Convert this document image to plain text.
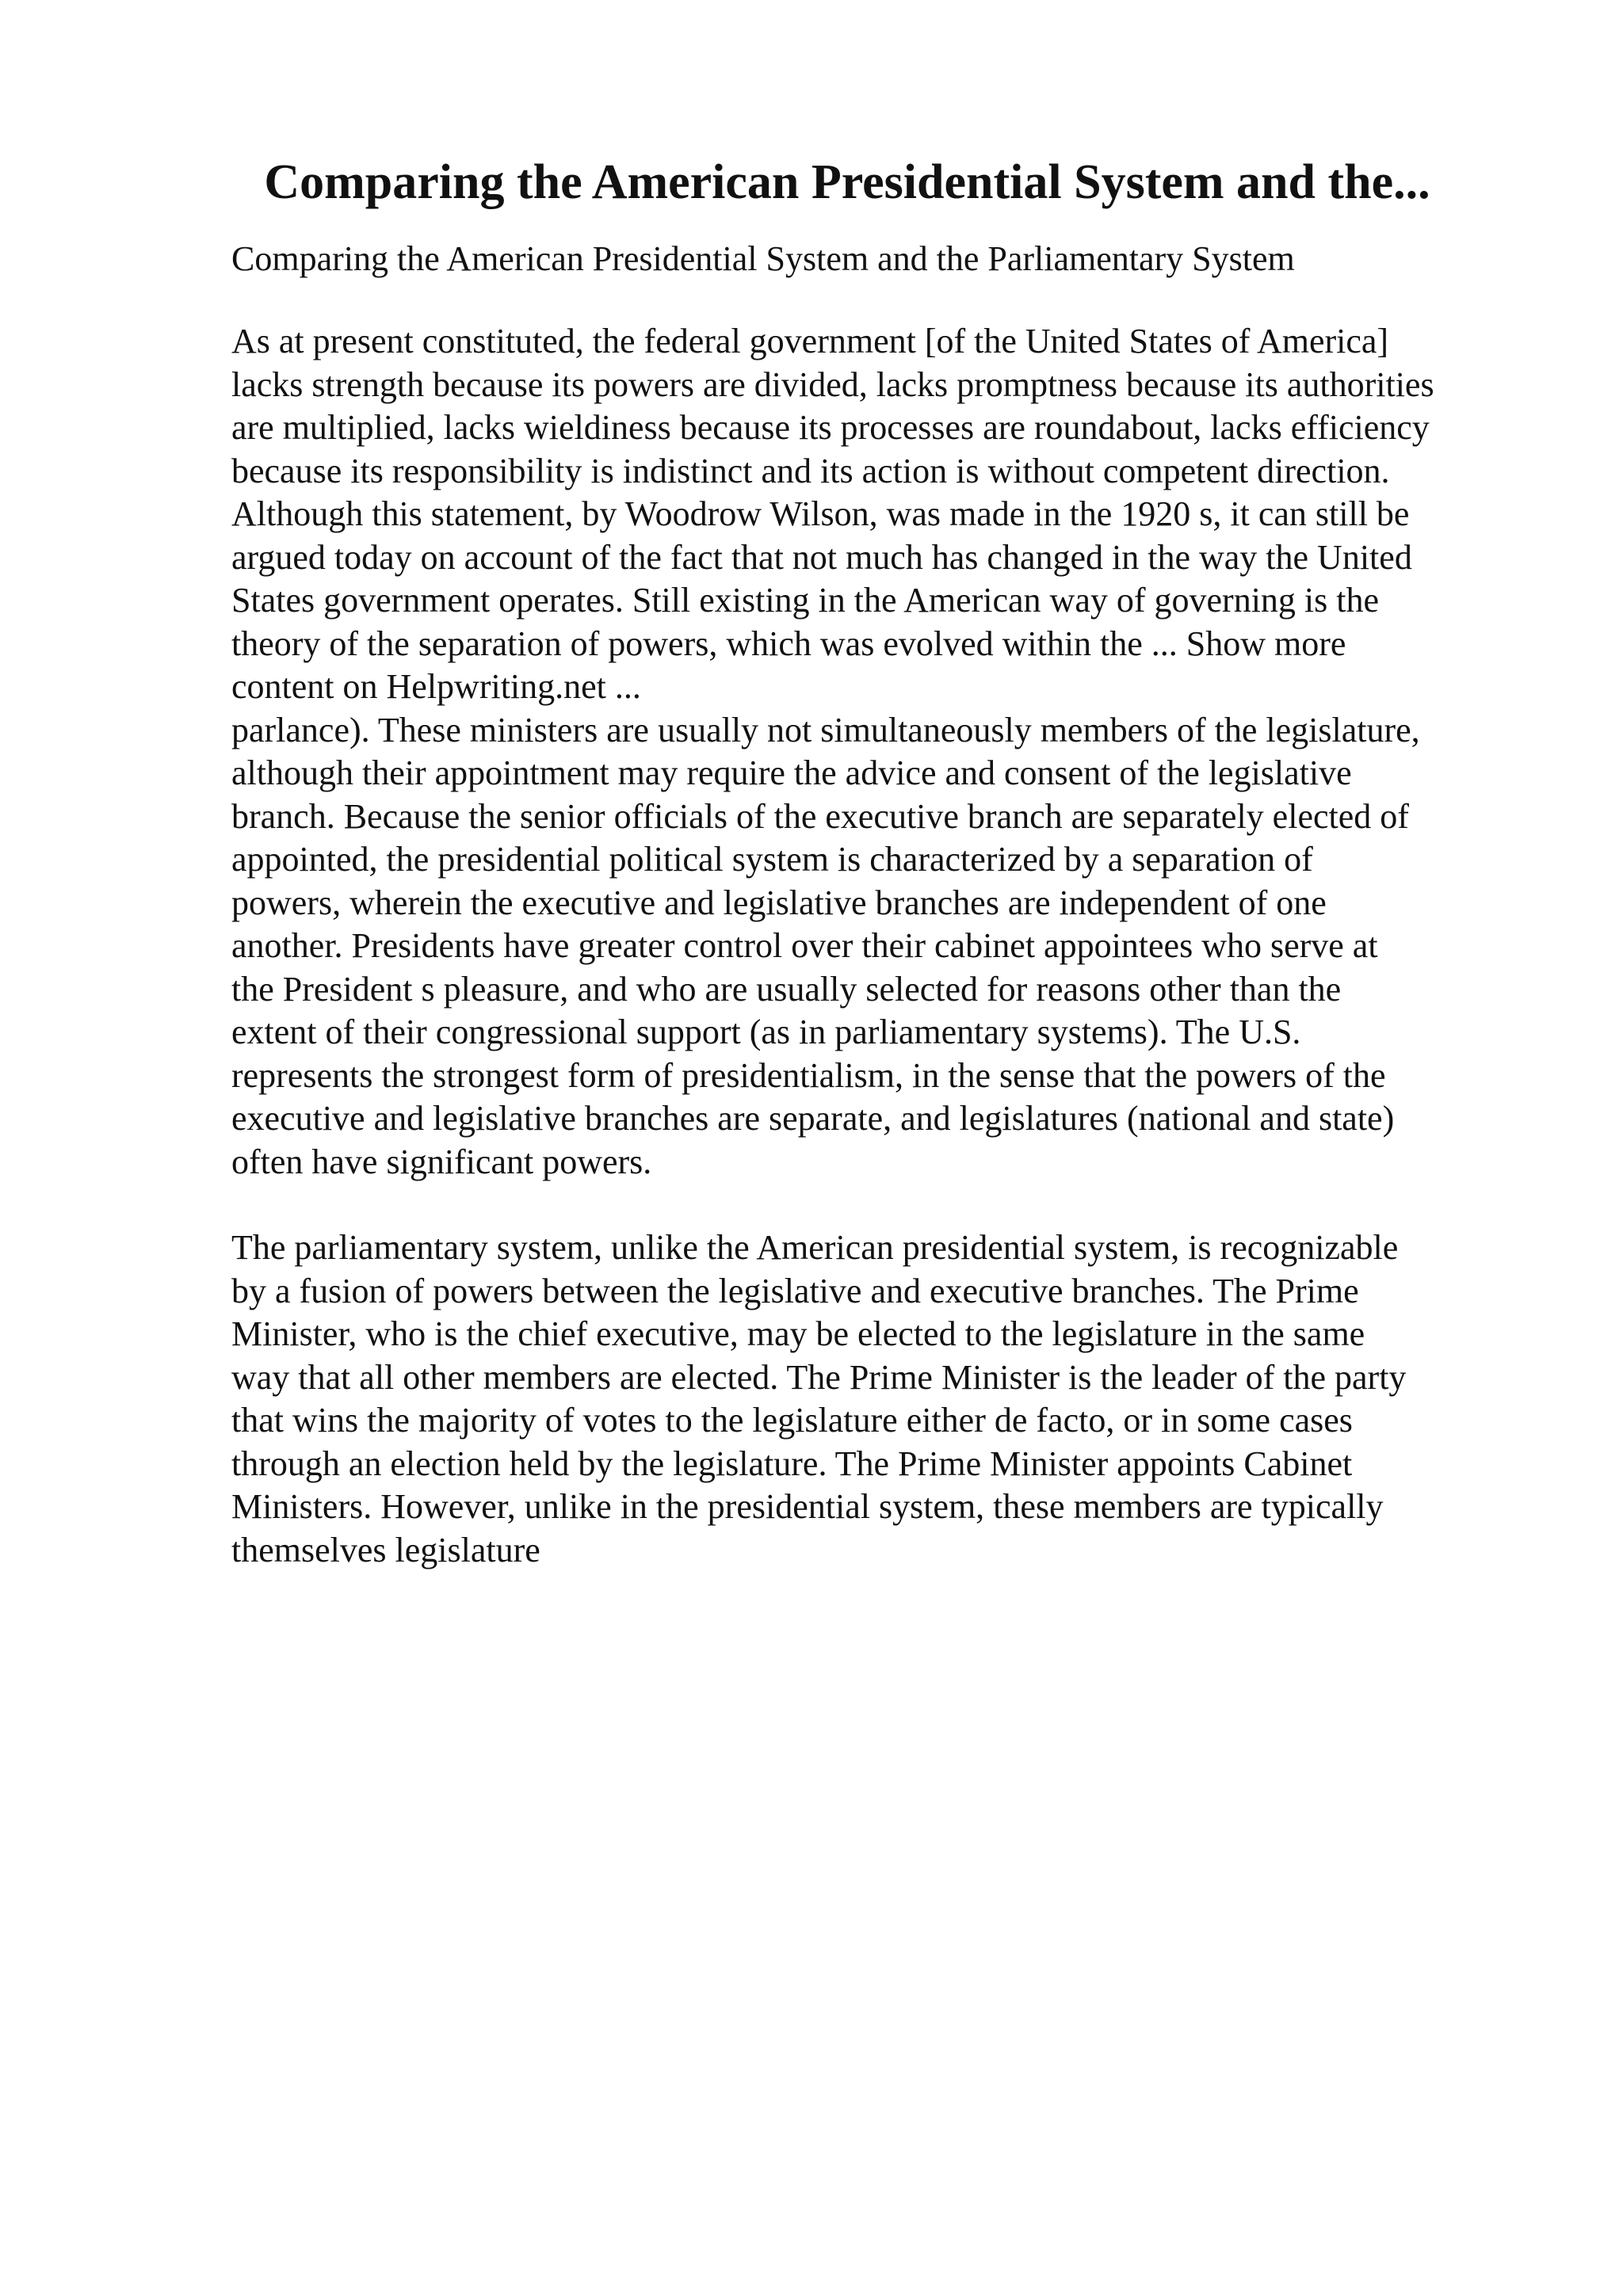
Comparing the American Presidential System and the...
Comparing the American Presidential System and the Parliamentary System
As at present constituted, the federal government [of the United States of America]
lacks strength because its powers are divided, lacks promptness because its authorities
are multiplied, lacks wieldiness because its processes are roundabout, lacks efficiency
because its responsibility is indistinct and its action is without competent direction.
Although this statement, by Woodrow Wilson, was made in the 1920 s, it can still be
argued today on account of the fact that not much has changed in the way the United
States government operates. Still existing in the American way of governing is the
theory of the separation of powers, which was evolved within the ... Show more
content on Helpwriting.net ...
parlance). These ministers are usually not simultaneously members of the legislature,
although their appointment may require the advice and consent of the legislative
branch. Because the senior officials of the executive branch are separately elected of
appointed, the presidential political system is characterized by a separation of
powers, wherein the executive and legislative branches are independent of one
another. Presidents have greater control over their cabinet appointees who serve at
the President s pleasure, and who are usually selected for reasons other than the
extent of their congressional support (as in parliamentary systems). The U.S.
represents the strongest form of presidentialism, in the sense that the powers of the
executive and legislative branches are separate, and legislatures (national and state)
often have significant powers.
The parliamentary system, unlike the American presidential system, is recognizable
by a fusion of powers between the legislative and executive branches. The Prime
Minister, who is the chief executive, may be elected to the legislature in the same
way that all other members are elected. The Prime Minister is the leader of the party
that wins the majority of votes to the legislature either de facto, or in some cases
through an election held by the legislature. The Prime Minister appoints Cabinet
Ministers. However, unlike in the presidential system, these members are typically
themselves legislature
